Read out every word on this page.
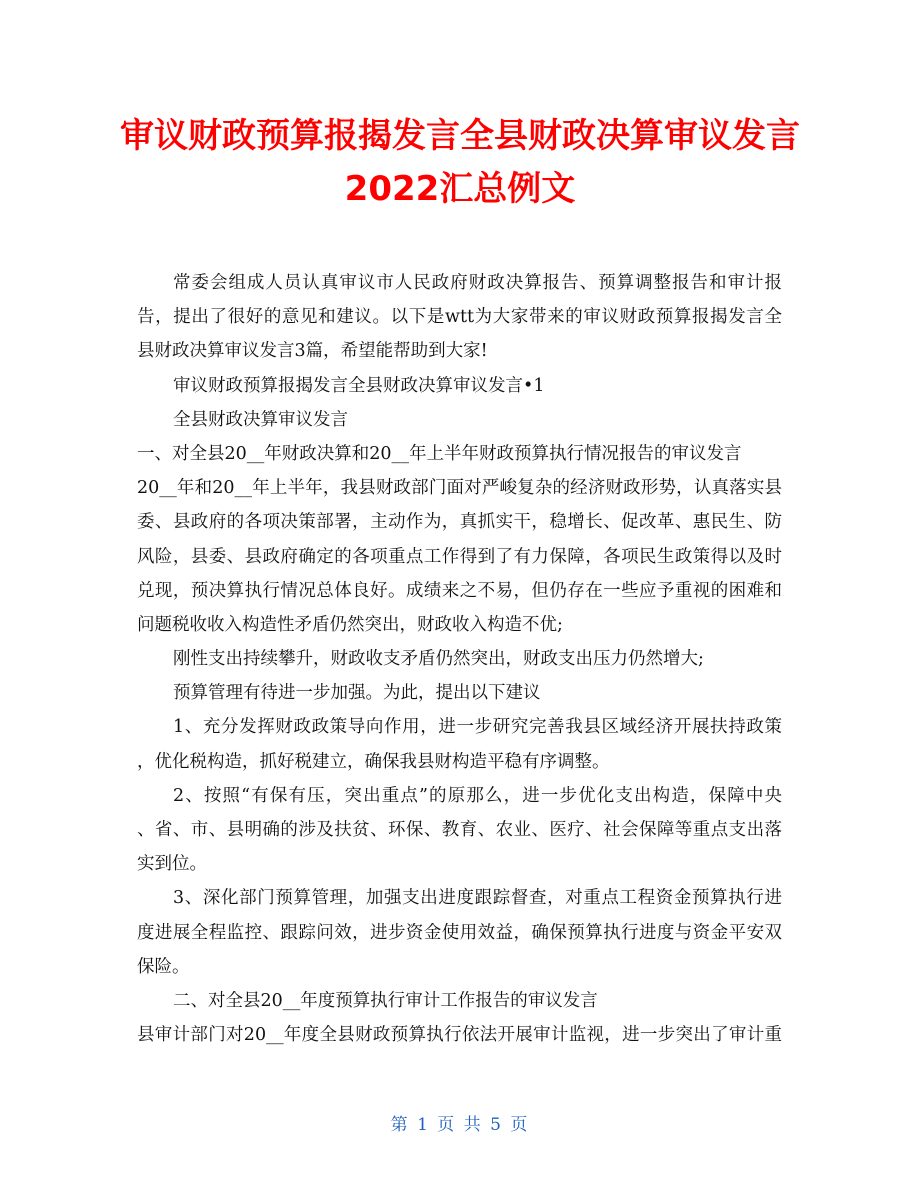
审议财政预算报揭发言全县财政决算审议发言
2022汇总例文
常委会组成人员认真审议市人民政府财政决算报告、预算调整报告和审计报
告，提出了很好的意见和建议。以下是wtt为大家带来的审议财政预算报揭发言全
县财政决算审议发言3篇，希望能帮助到大家!
审议财政预算报揭发言全县财政决算审议发言•1
全县财政决算审议发言
一、对全县20__年财政决算和20__年上半年财政预算执行情况报告的审议发言
20__年和20__年上半年，我县财政部门面对严峻复杂的经济财政形势，认真落实县
委、县政府的各项决策部署，主动作为，真抓实干，稳增长、促改革、惠民生、防
风险，县委、县政府确定的各项重点工作得到了有力保障，各项民生政策得以及时
兑现，预决算执行情况总体良好。成绩来之不易，但仍存在一些应予重视的困难和
问题税收收入构造性矛盾仍然突出，财政收入构造不优;
刚性支出持续攀升，财政收支矛盾仍然突出，财政支出压力仍然增大;
预算管理有待进一步加强。为此，提出以下建议
1、充分发挥财政政策导向作用，进一步研究完善我县区域经济开展扶持政策
，优化税构造，抓好税建立，确保我县财构造平稳有序调整。
2、按照“有保有压，突出重点”的原那么，进一步优化支出构造，保障中央
、省、市、县明确的涉及扶贫、环保、教育、农业、医疗、社会保障等重点支出落
实到位。
3、深化部门预算管理，加强支出进度跟踪督查，对重点工程资金预算执行进
度进展全程监控、跟踪问效，进步资金使用效益，确保预算执行进度与资金平安双
保险。
二、对全县20__年度预算执行审计工作报告的审议发言
县审计部门对20__年度全县财政预算执行依法开展审计监视，进一步突出了审计重
第 1 页 共 5 页
